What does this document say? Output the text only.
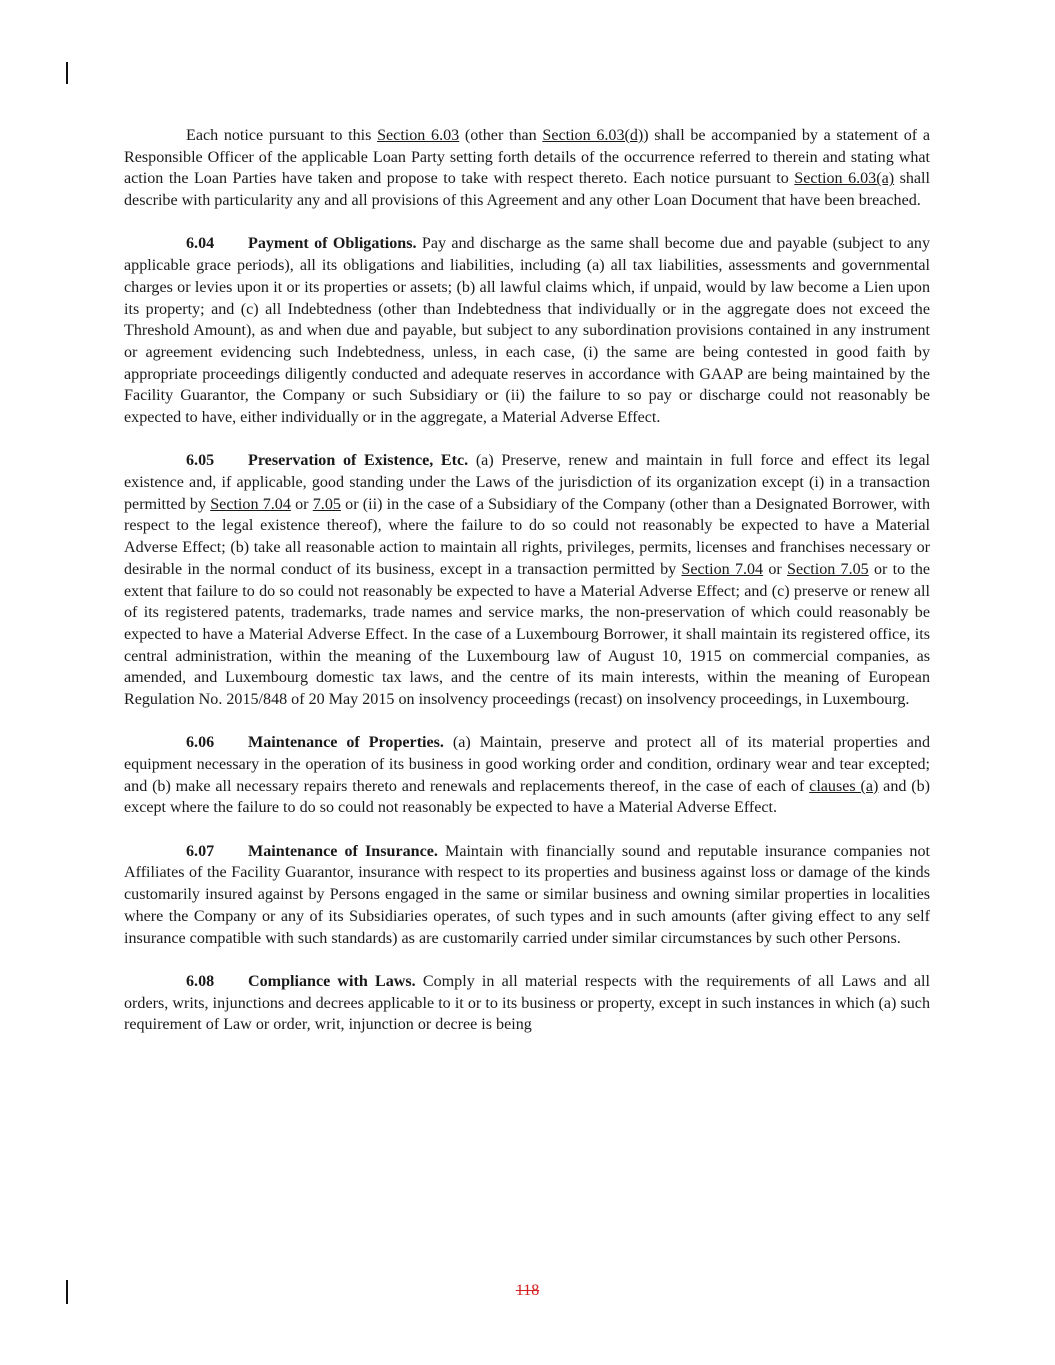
Each notice pursuant to this Section 6.03 (other than Section 6.03(d)) shall be accompanied by a statement of a Responsible Officer of the applicable Loan Party setting forth details of the occurrence referred to therein and stating what action the Loan Parties have taken and propose to take with respect thereto. Each notice pursuant to Section 6.03(a) shall describe with particularity any and all provisions of this Agreement and any other Loan Document that have been breached.

6.04 Payment of Obligations. Pay and discharge as the same shall become due and payable (subject to any applicable grace periods), all its obligations and liabilities, including (a) all tax liabilities, assessments and governmental charges or levies upon it or its properties or assets; (b) all lawful claims which, if unpaid, would by law become a Lien upon its property; and (c) all Indebtedness (other than Indebtedness that individually or in the aggregate does not exceed the Threshold Amount), as and when due and payable, but subject to any subordination provisions contained in any instrument or agreement evidencing such Indebtedness, unless, in each case, (i) the same are being contested in good faith by appropriate proceedings diligently conducted and adequate reserves in accordance with GAAP are being maintained by the Facility Guarantor, the Company or such Subsidiary or (ii) the failure to so pay or discharge could not reasonably be expected to have, either individually or in the aggregate, a Material Adverse Effect.

6.05 Preservation of Existence, Etc. (a) Preserve, renew and maintain in full force and effect its legal existence and, if applicable, good standing under the Laws of the jurisdiction of its organization except (i) in a transaction permitted by Section 7.04 or 7.05 or (ii) in the case of a Subsidiary of the Company (other than a Designated Borrower, with respect to the legal existence thereof), where the failure to do so could not reasonably be expected to have a Material Adverse Effect; (b) take all reasonable action to maintain all rights, privileges, permits, licenses and franchises necessary or desirable in the normal conduct of its business, except in a transaction permitted by Section 7.04 or Section 7.05 or to the extent that failure to do so could not reasonably be expected to have a Material Adverse Effect; and (c) preserve or renew all of its registered patents, trademarks, trade names and service marks, the non-preservation of which could reasonably be expected to have a Material Adverse Effect. In the case of a Luxembourg Borrower, it shall maintain its registered office, its central administration, within the meaning of the Luxembourg law of August 10, 1915 on commercial companies, as amended, and Luxembourg domestic tax laws, and the centre of its main interests, within the meaning of European Regulation No. 2015/848 of 20 May 2015 on insolvency proceedings (recast) on insolvency proceedings, in Luxembourg.

6.06 Maintenance of Properties. (a) Maintain, preserve and protect all of its material properties and equipment necessary in the operation of its business in good working order and condition, ordinary wear and tear excepted; and (b) make all necessary repairs thereto and renewals and replacements thereof, in the case of each of clauses (a) and (b) except where the failure to do so could not reasonably be expected to have a Material Adverse Effect.

6.07 Maintenance of Insurance. Maintain with financially sound and reputable insurance companies not Affiliates of the Facility Guarantor, insurance with respect to its properties and business against loss or damage of the kinds customarily insured against by Persons engaged in the same or similar business and owning similar properties in localities where the Company or any of its Subsidiaries operates, of such types and in such amounts (after giving effect to any self insurance compatible with such standards) as are customarily carried under similar circumstances by such other Persons.

6.08 Compliance with Laws. Comply in all material respects with the requirements of all Laws and all orders, writs, injunctions and decrees applicable to it or to its business or property, except in such instances in which (a) such requirement of Law or order, writ, injunction or decree is being

118
